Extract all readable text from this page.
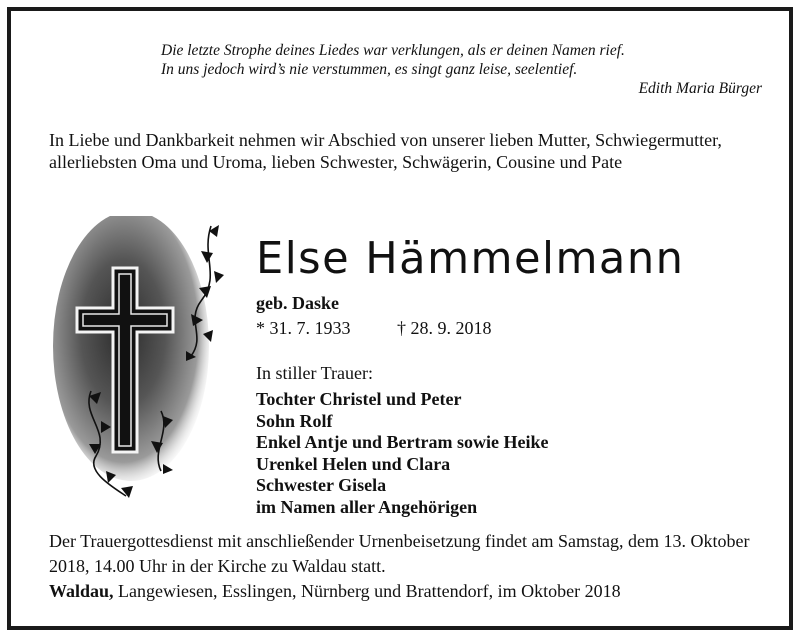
Die letzte Strophe deines Liedes war verklungen, als er deinen Namen rief.
In uns jedoch wird’s nie verstummen, es singt ganz leise, seelentief.
Edith Maria Bürger
In Liebe und Dankbarkeit nehmen wir Abschied von unserer lieben Mutter, Schwiegermutter, allerliebsten Oma und Uroma, lieben Schwester, Schwägerin, Cousine und Pate
Else Hämmelmann
geb. Daske
* 31. 7. 1933	† 28. 9. 2018
In stiller Trauer:
Tochter Christel und Peter
Sohn Rolf
Enkel Antje und Bertram sowie Heike
Urenkel Helen und Clara
Schwester Gisela
im Namen aller Angehörigen
Der Trauergottesdienst mit anschließender Urnenbeisetzung findet am Samstag, dem 13. Oktober 2018, 14.00 Uhr in der Kirche zu Waldau statt.
Waldau, Langewiesen, Esslingen, Nürnberg und Brattendorf, im Oktober 2018
